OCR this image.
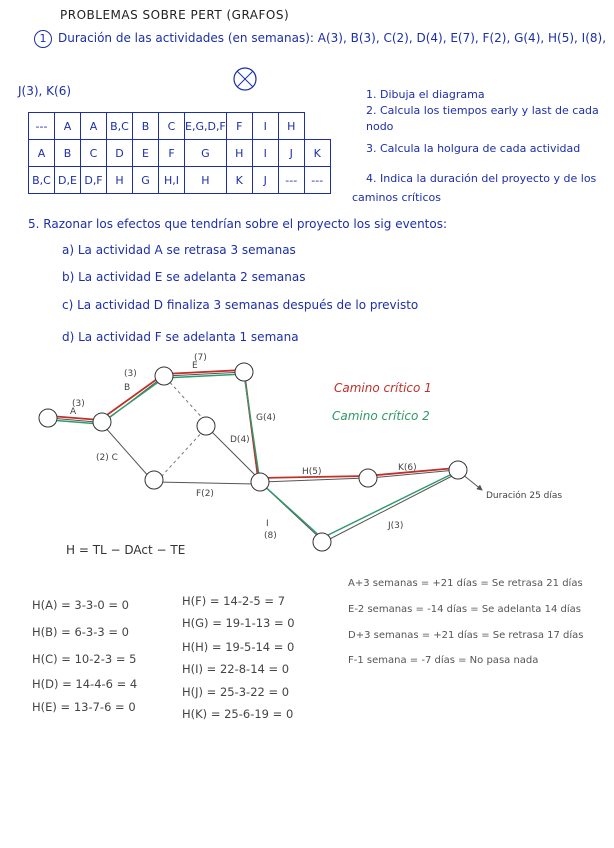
PROBLEMAS SOBRE PERT (GRAFOS)
1 Duración de las actividades (en semanas): A(3), B(3), C(2), D(4), E(7), F(2), G(4), H(5), I(8),
J(3), K(6)	1. Dibuja el diagrama
2. Calcula los tiempos early y last de cada
nodo
3. Calcula la holgura de cada actividad
4. Indica la duración del proyecto y de los
caminos críticos
---	A	A	B,C	B	C	E,G,D,F	F	I	H	
A	B	C	D	E	F	G	H	I	J	K
B,C	D,E	D,F	H	G	H,I	H	K	J	---	---
5. Razonar los efectos que tendrían sobre el proyecto los sig eventos:
a) La actividad A se retrasa 3 semanas
b) La actividad E se adelanta 2 semanas
c) La actividad D finaliza 3 semanas después de lo previsto
d) La actividad F se adelanta 1 semana
(3)
A
(3)
B
(2) C
(7)
E
G(4)
D(4)
F(2)
H(5)	K(6)
I
(8)
J(3)
Duración 25 días
Camino crítico 1
Camino crítico 2
H = TL − DAct − TE
H(A) = 3-3-0 = 0
H(B) = 6-3-3 = 0
H(C) = 10-2-3 = 5
H(D) = 14-4-6 = 4
H(E) = 13-7-6 = 0
H(F) = 14-2-5 = 7
H(G) = 19-1-13 = 0
H(H) = 19-5-14 = 0
H(I) = 22-8-14 = 0
H(J) = 25-3-22 = 0
H(K) = 25-6-19 = 0
A+3 semanas = +21 días = Se retrasa 21 días
E-2 semanas = -14 días = Se adelanta 14 días
D+3 semanas = +21 días = Se retrasa 17 días
F-1 semana = -7 días = No pasa nada
